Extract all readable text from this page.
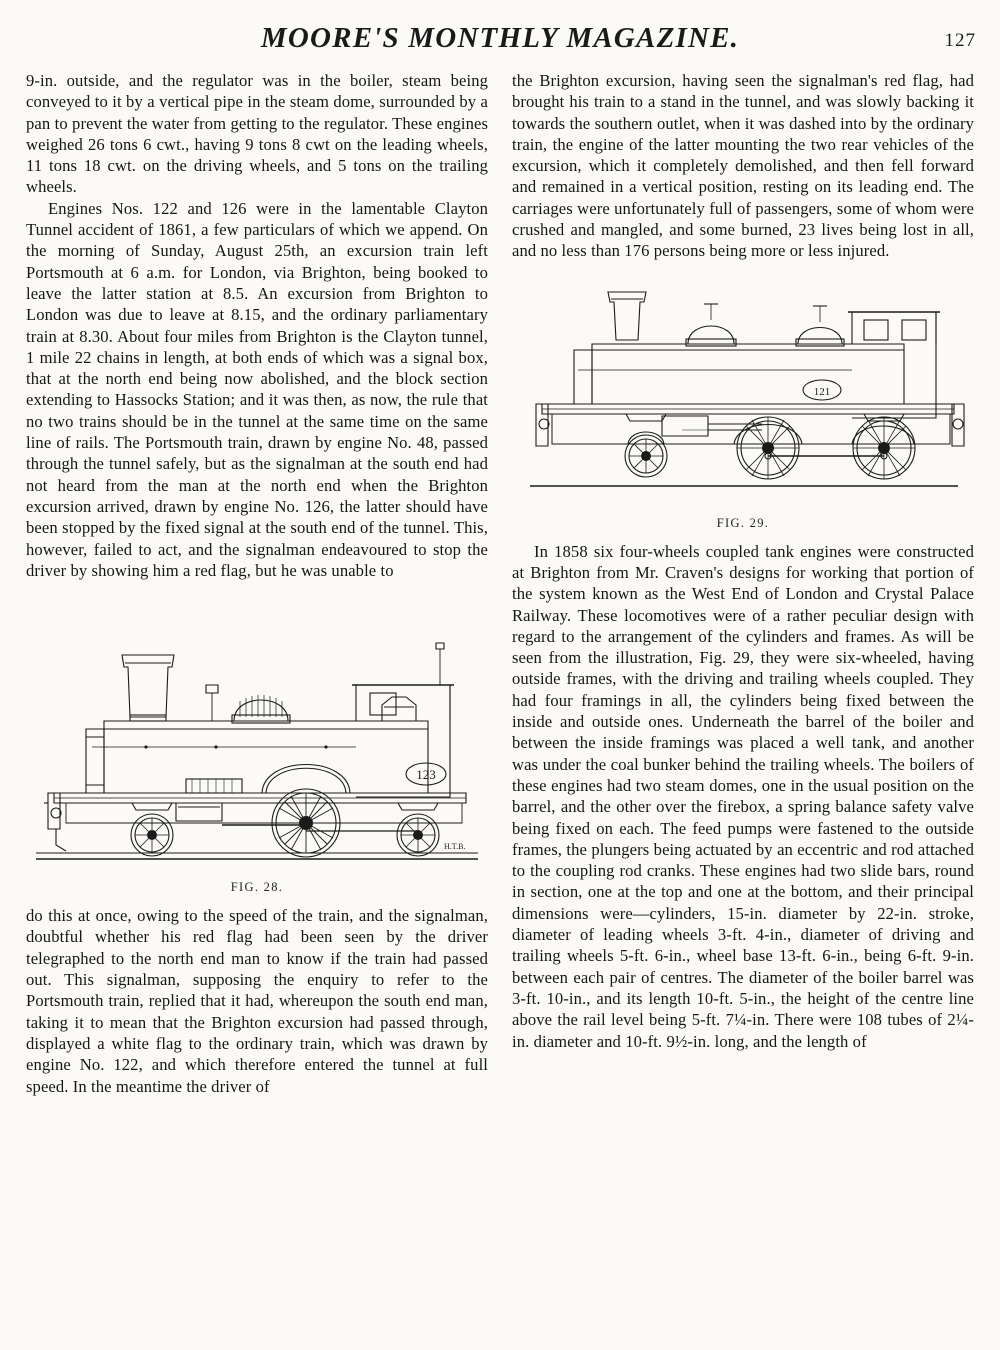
MOORE'S MONTHLY MAGAZINE.	127

9-in. outside, and the regulator was in the boiler, steam being conveyed to it by a vertical pipe in the steam dome, surrounded by a pan to prevent the water from getting to the regulator. These engines weighed 26 tons 6 cwt., having 9 tons 8 cwt on the leading wheels, 11 tons 18 cwt. on the driving wheels, and 5 tons on the trailing wheels.

Engines Nos. 122 and 126 were in the lamentable Clayton Tunnel accident of 1861, a few particulars of which we append. On the morning of Sunday, August 25th, an excursion train left Portsmouth at 6 a.m. for London, via Brighton, being booked to leave the latter station at 8.5. An excursion from Brighton to London was due to leave at 8.15, and the ordinary parliamentary train at 8.30. About four miles from Brighton is the Clayton tunnel, 1 mile 22 chains in length, at both ends of which was a signal box, that at the north end being now abolished, and the block section extending to Hassocks Station; and it was then, as now, the rule that no two trains should be in the tunnel at the same time on the same line of rails. The Portsmouth train, drawn by engine No. 48, passed through the tunnel safely, but as the signalman at the south end had not heard from the man at the north end when the Brighton excursion arrived, drawn by engine No. 126, the latter should have been stopped by the fixed signal at the south end of the tunnel. This, however, failed to act, and the signalman endeavoured to stop the driver by showing him a red flag, but he was unable to

123
H.T.B.
FIG. 28.

do this at once, owing to the speed of the train, and the signalman, doubtful whether his red flag had been seen by the driver telegraphed to the north end man to know if the train had passed out. This signalman, supposing the enquiry to refer to the Portsmouth train, replied that it had, whereupon the south end man, taking it to mean that the Brighton excursion had passed through, displayed a white flag to the ordinary train, which was drawn by engine No. 122, and which therefore entered the tunnel at full speed. In the meantime the driver of

the Brighton excursion, having seen the signalman's red flag, had brought his train to a stand in the tunnel, and was slowly backing it towards the southern outlet, when it was dashed into by the ordinary train, the engine of the latter mounting the two rear vehicles of the excursion, which it completely demolished, and then fell forward and remained in a vertical position, resting on its leading end. The carriages were unfortunately full of passengers, some of whom were crushed and mangled, and some burned, 23 lives being lost in all, and no less than 176 persons being more or less injured.

121
FIG. 29.

In 1858 six four-wheels coupled tank engines were constructed at Brighton from Mr. Craven's designs for working that portion of the system known as the West End of London and Crystal Palace Railway. These locomotives were of a rather peculiar design with regard to the arrangement of the cylinders and frames. As will be seen from the illustration, Fig. 29, they were six-wheeled, having outside frames, with the driving and trailing wheels coupled. They had four framings in all, the cylinders being fixed between the inside and outside ones. Underneath the barrel of the boiler and between the inside framings was placed a well tank, and another was under the coal bunker behind the trailing wheels. The boilers of these engines had two steam domes, one in the usual position on the barrel, and the other over the firebox, a spring balance safety valve being fixed on each. The feed pumps were fastened to the outside frames, the plungers being actuated by an eccentric and rod attached to the coupling rod cranks. These engines had two slide bars, round in section, one at the top and one at the bottom, and their principal dimensions were—cylinders, 15-in. diameter by 22-in. stroke, diameter of leading wheels 3-ft. 4-in., diameter of driving and trailing wheels 5-ft. 6-in., wheel base 13-ft. 6-in., being 6-ft. 9-in. between each pair of centres. The diameter of the boiler barrel was 3-ft. 10-in., and its length 10-ft. 5-in., the height of the centre line above the rail level being 5-ft. 7¼-in. There were 108 tubes of 2¼-in. diameter and 10-ft. 9½-in. long, and the length of
